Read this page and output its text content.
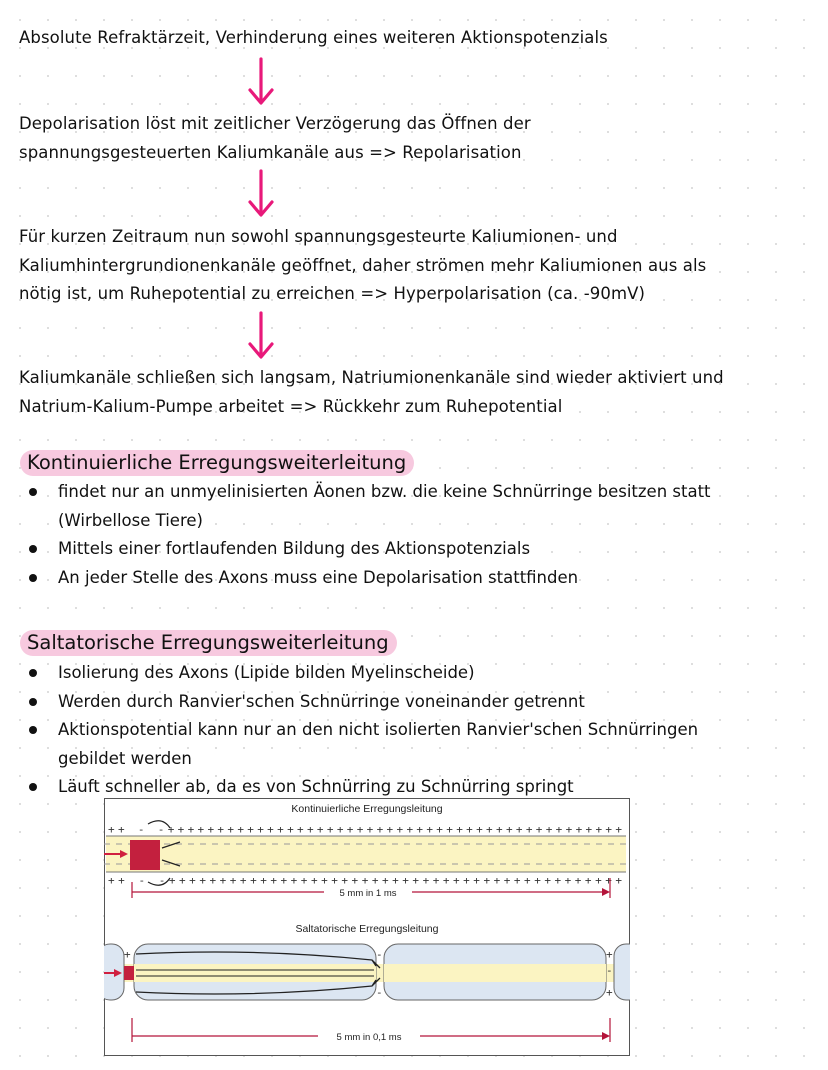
Absolute Refraktärzeit, Verhinderung eines weiteren Aktionspotenzials
Depolarisation löst mit zeitlicher Verzögerung das Öffnen der
spannungsgesteuerten Kaliumkanäle aus => Repolarisation
Für kurzen Zeitraum nun sowohl spannungsgesteurte Kaliumionen- und
Kaliumhintergrundionenkanäle geöffnet, daher strömen mehr Kaliumionen aus als
nötig ist, um Ruhepotential zu erreichen => Hyperpolarisation (ca. -90mV)
Kaliumkanäle schließen sich langsam, Natriumionenkanäle sind wieder aktiviert und
Natrium-Kalium-Pumpe arbeitet => Rückkehr zum Ruhepotential
Kontinuierliche Erregungsweiterleitung
findet nur an unmyelinisierten Äonen bzw. die keine Schnürringe besitzen statt
(Wirbellose Tiere)
Mittels einer fortlaufenden Bildung des Aktionspotenzials
An jeder Stelle des Axons muss eine Depolarisation stattfinden
Saltatorische Erregungsweiterleitung
Isolierung des Axons (Lipide bilden Myelinscheide)
Werden durch Ranvier'schen Schnürringe voneinander getrennt
Aktionspotential kann nur an den nicht isolierten Ranvier'schen Schnürringen
gebildet werden
Läuft schneller ab, da es von Schnürring zu Schnürring springt
Kontinuierliche Erregungsleitung
++ - -++++++++++++++++++++++++++++++++++++++++++++++
++ - -+++++++++++++++++++++++++++++++++++++++++++++
5 mm in 1 ms
Saltatorische Erregungsleitung
+	-
-
+
-
+
5 mm in 0,1 ms
